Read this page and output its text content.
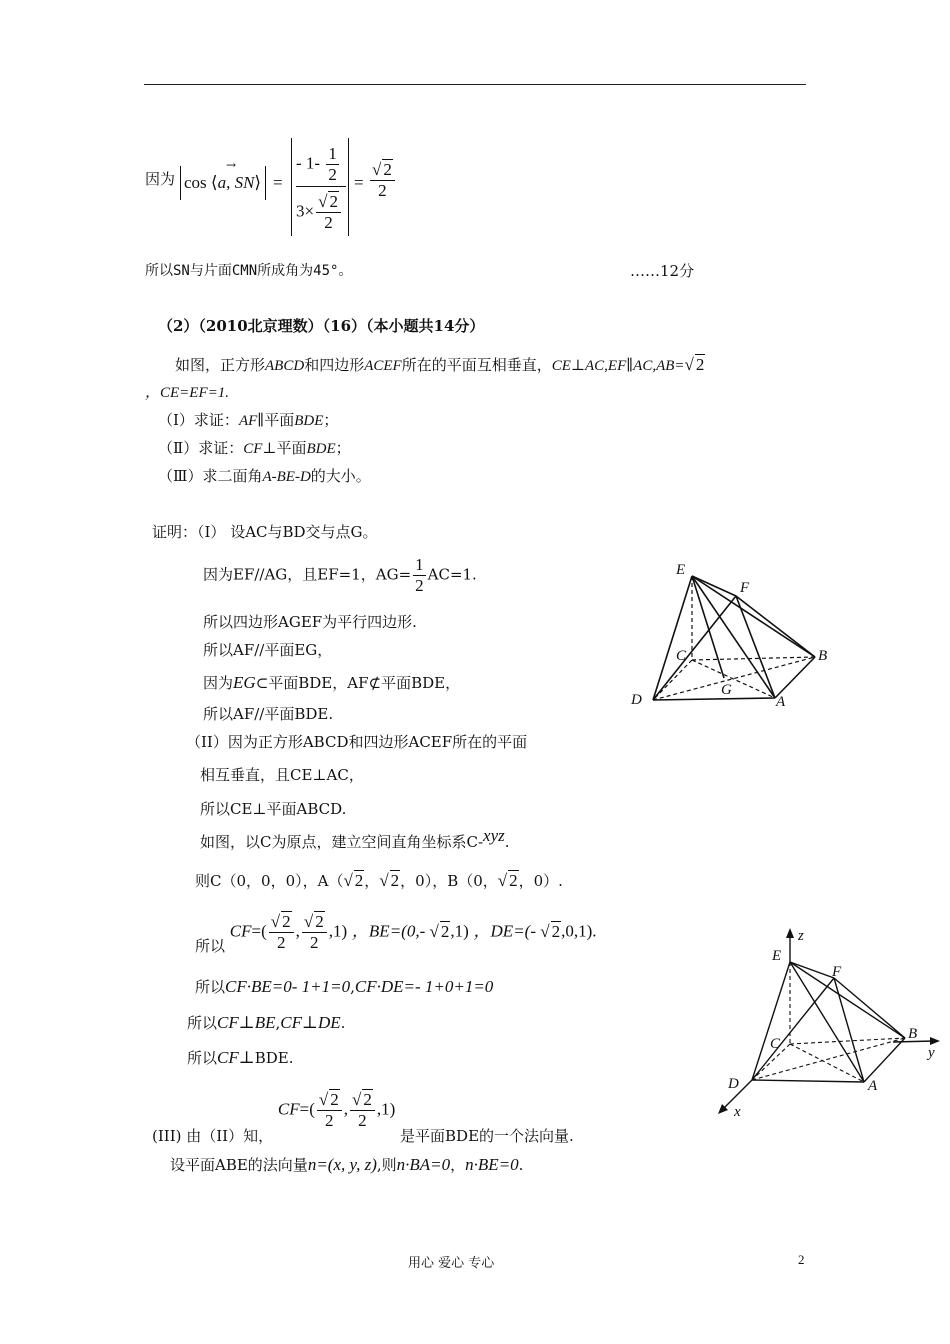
因为 cos ⟨a, SN⟩
→
=
- $1- \frac{1}{2}$
$3\times \frac{√ 2}{2}$
= $\frac{√ 2}{2}$
所以SN与片面CMN所成角为45°。	……12分
（2）（2010北京理数）（16）（本小题共14分）
如图，正方形ABCD和四边形ACEF所在的平面互相垂直，CE⊥AC,EF∥AC,AB=√ 2
，CE=EF=1.
（Ⅰ）求证：AF∥平面BDE；
（Ⅱ）求证：CF⊥平面BDE；
（Ⅲ）求二面角A-BE-D的大小。
证明：（I） 设AC与BD交与点G。
因为EF//AG，且EF=1，$AG= \frac{1}{2} AC=1$.
所以四边形AGEF为平行四边形.
所以AF//平面EG，
因为EG⊂平面BDE，AF⊄平面BDE，
所以AF//平面BDE.
（II）因为正方形ABCD和四边形ACEF所在的平面
相互垂直，且CE⊥AC，
所以CE⊥平面ABCD.
如图，以C为原点，建立空间直角坐标系C-xyz.
则C（0，0，0），A（√ 2，√ 2，0），B（0，√ 2，0）.
所以 $CF=( \frac{√ 2}{2}$ , $\frac{√ 2}{2} ,1$) ，BE=(0,- √ 2,1) ，DE=(- √ 2,0,1).
所以CF·BE=0- 1+1=0,CF·DE=- 1+0+1=0
所以CF⊥BE,CF⊥DE.
所以CF⊥BDE.
(III) 由（II）知， $CF=( \frac{√ 2}{2}$ , $\frac{√ 2}{2} ,1$) 是平面BDE的一个法向量.
设平面ABE的法向量n=(x, y, z),则n·BA=0，n·BE=0.
E
F
C	B
D
G
A
z
E
F
C
B
y
D	A
x
用心 爱心 专心	2
